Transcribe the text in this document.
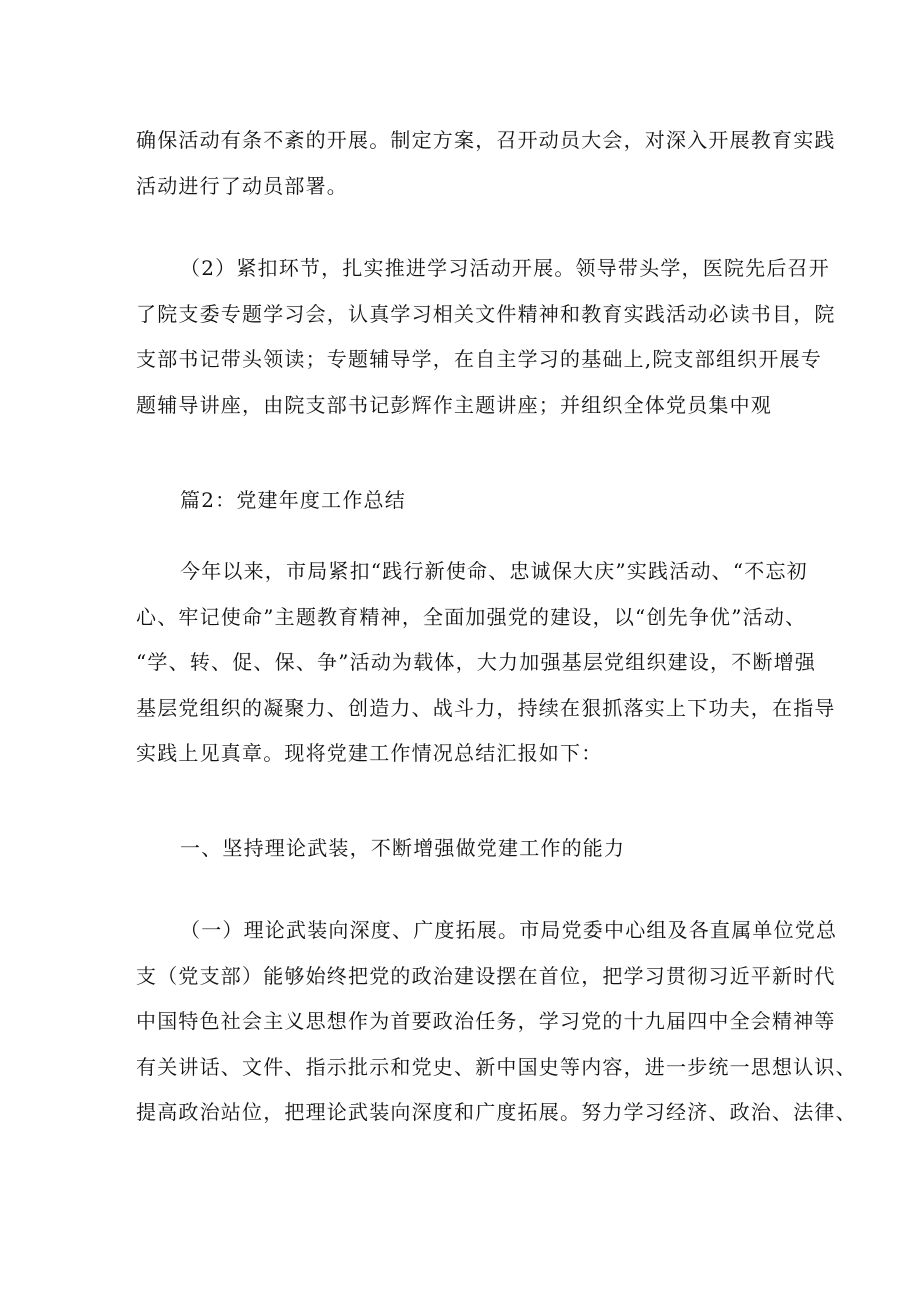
确保活动有条不紊的开展。制定方案，召开动员大会，对深入开展教育实践
活动进行了动员部署。

（2）紧扣环节，扎实推进学习活动开展。领导带头学，医院先后召开
了院支委专题学习会，认真学习相关文件精神和教育实践活动必读书目，院
支部书记带头领读；专题辅导学，在自主学习的基础上,院支部组织开展专
题辅导讲座，由院支部书记彭辉作主题讲座；并组织全体党员集中观

篇2：党建年度工作总结

今年以来，市局紧扣“践行新使命、忠诚保大庆”实践活动、“不忘初
心、牢记使命”主题教育精神，全面加强党的建设，以“创先争优”活动、
“学、转、促、保、争”活动为载体，大力加强基层党组织建设，不断增强
基层党组织的凝聚力、创造力、战斗力，持续在狠抓落实上下功夫，在指导
实践上见真章。现将党建工作情况总结汇报如下：

一、坚持理论武装，不断增强做党建工作的能力

（一）理论武装向深度、广度拓展。市局党委中心组及各直属单位党总
支（党支部）能够始终把党的政治建设摆在首位，把学习贯彻习近平新时代
中国特色社会主义思想作为首要政治任务，学习党的十九届四中全会精神等
有关讲话、文件、指示批示和党史、新中国史等内容，进一步统一思想认识、
提高政治站位，把理论武装向深度和广度拓展。努力学习经济、政治、法律、
